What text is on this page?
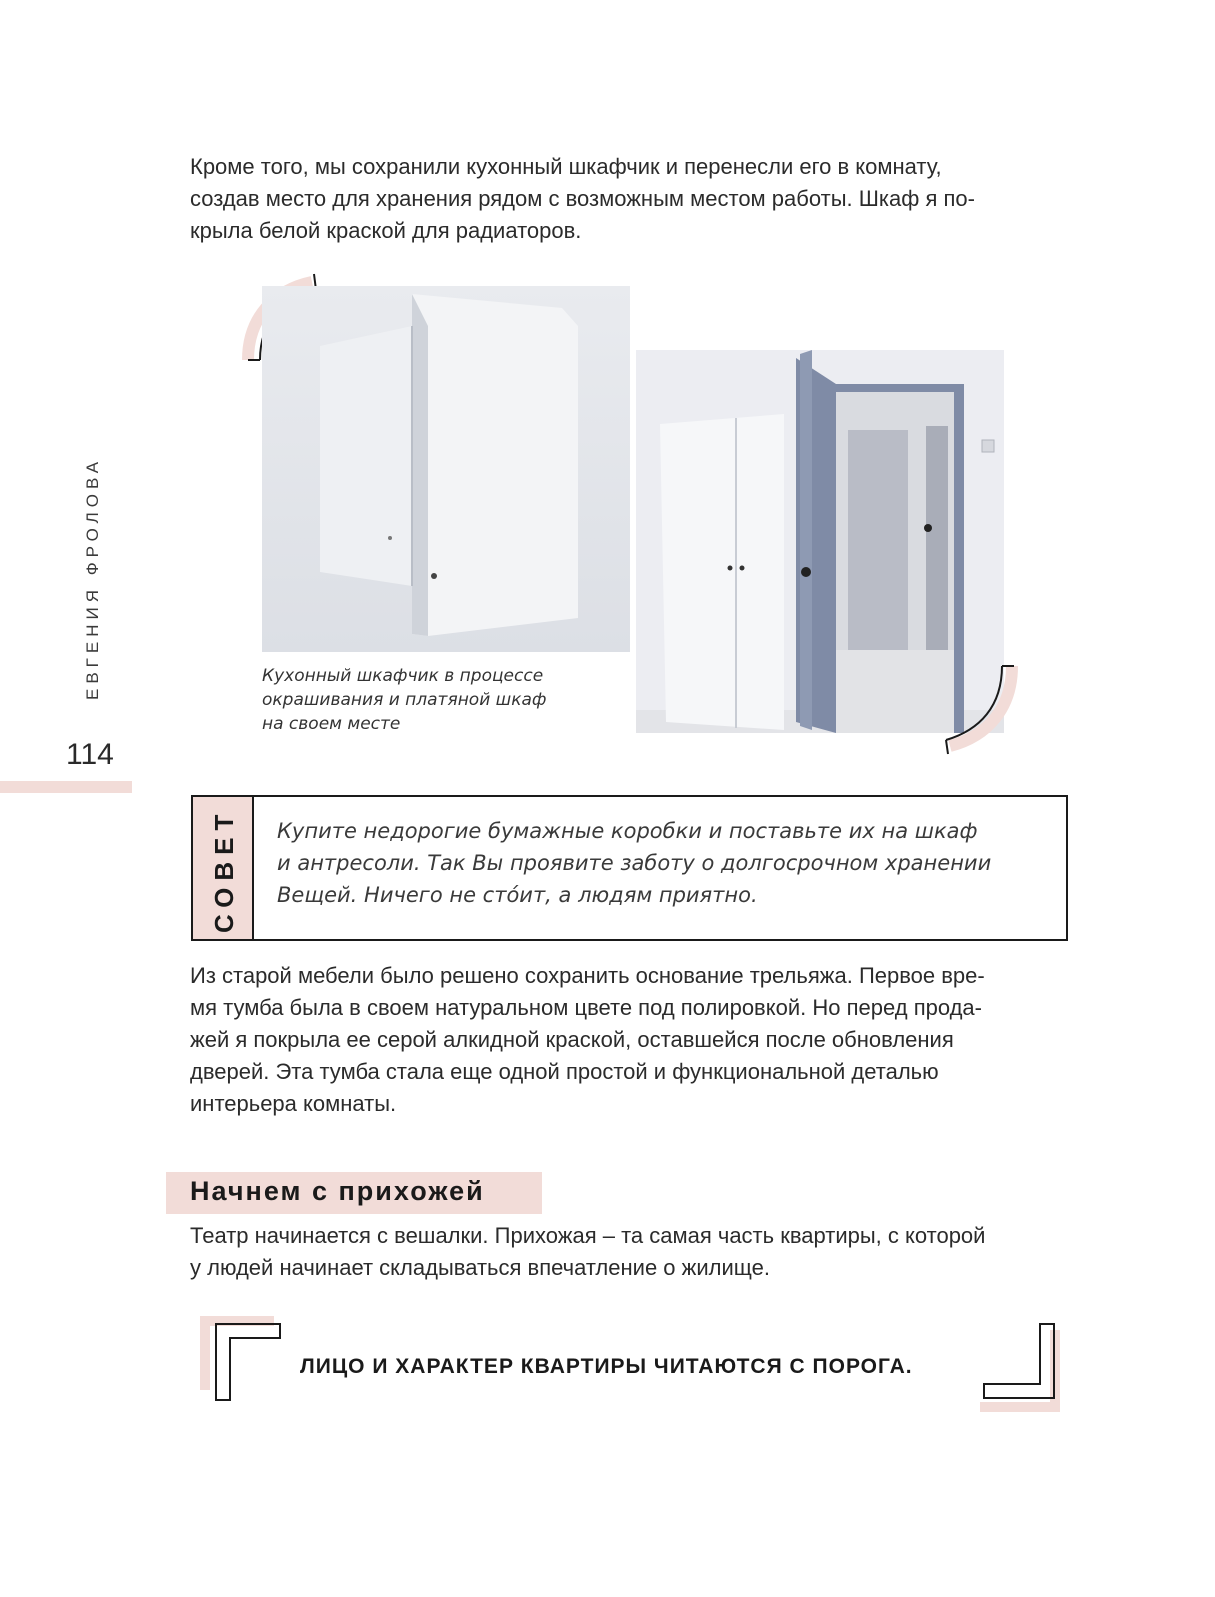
Кроме того, мы сохранили кухонный шкафчик и перенесли его в комнату,
создав место для хранения рядом с возможным местом работы. Шкаф я по-
крыла белой краской для радиаторов.

ЕВГЕНИЯ ФРОЛОВА
114

Кухонный шкафчик в процессе
окрашивания и платяной шкаф
на своем месте

СОВЕТ Купите недорогие бумажные коробки и поставьте их на шкаф
и антресоли. Так Вы проявите заботу о долгосрочном хранении
Вещей. Ничего не сто́ит, а людям приятно.

Из старой мебели было решено сохранить основание трельяжа. Первое вре-
мя тумба была в своем натуральном цвете под полировкой. Но перед прода-
жей я покрыла ее серой алкидной краской, оставшейся после обновления
дверей. Эта тумба стала еще одной простой и функциональной деталью
интерьера комнаты.

Начнем с прихожей

Театр начинается с вешалки. Прихожая – та самая часть квартиры, с которой
у людей начинает складываться впечатление о жилище.

ЛИЦО И ХАРАКТЕР КВАРТИРЫ ЧИТАЮТСЯ С ПОРОГА.
